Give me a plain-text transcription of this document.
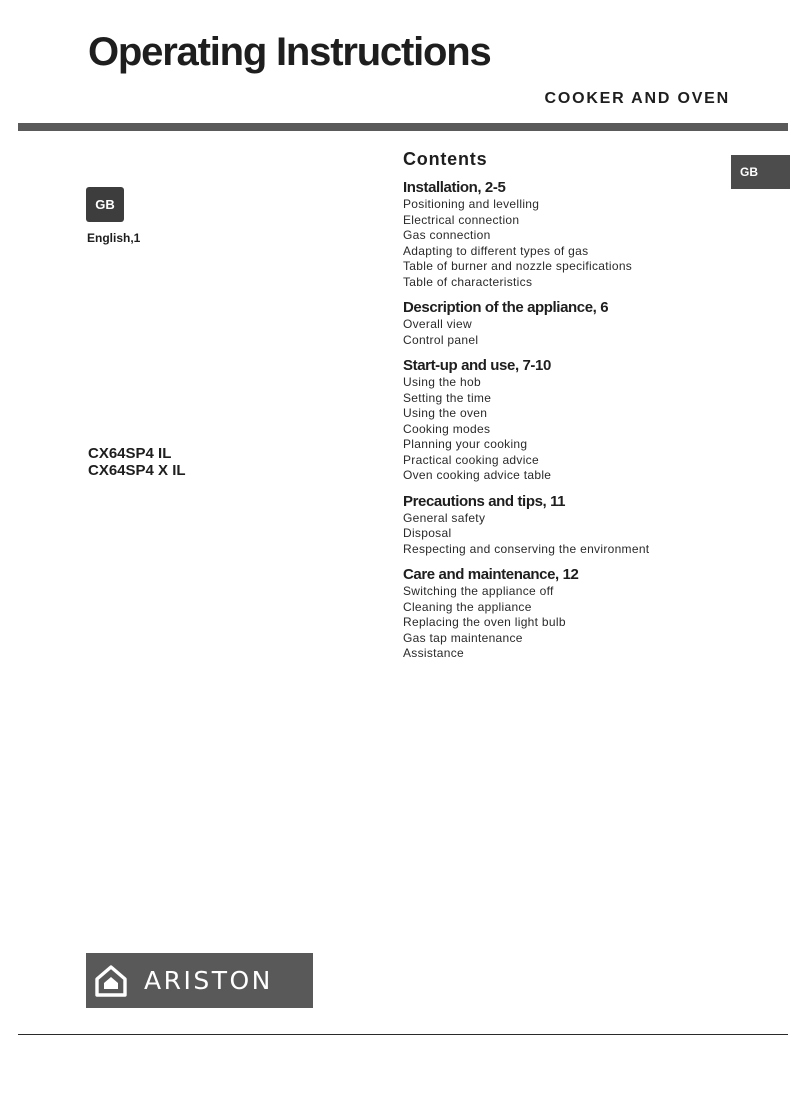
Operating Instructions
COOKER AND OVEN
GB
English,1
GB
CX64SP4 IL
CX64SP4 X IL
Contents
Installation, 2-5
Positioning and levelling
Electrical connection
Gas connection
Adapting to different types of gas
Table of burner and nozzle specifications
Table of characteristics
Description of the appliance, 6
Overall view
Control panel
Start-up and use, 7-10
Using the hob
Setting the time
Using the oven
Cooking modes
Planning your cooking
Practical cooking advice
Oven cooking advice table
Precautions and tips, 11
General safety
Disposal
Respecting and conserving the environment
Care and maintenance, 12
Switching the appliance off
Cleaning the appliance
Replacing the oven light bulb
Gas tap maintenance
Assistance
ARISTON
